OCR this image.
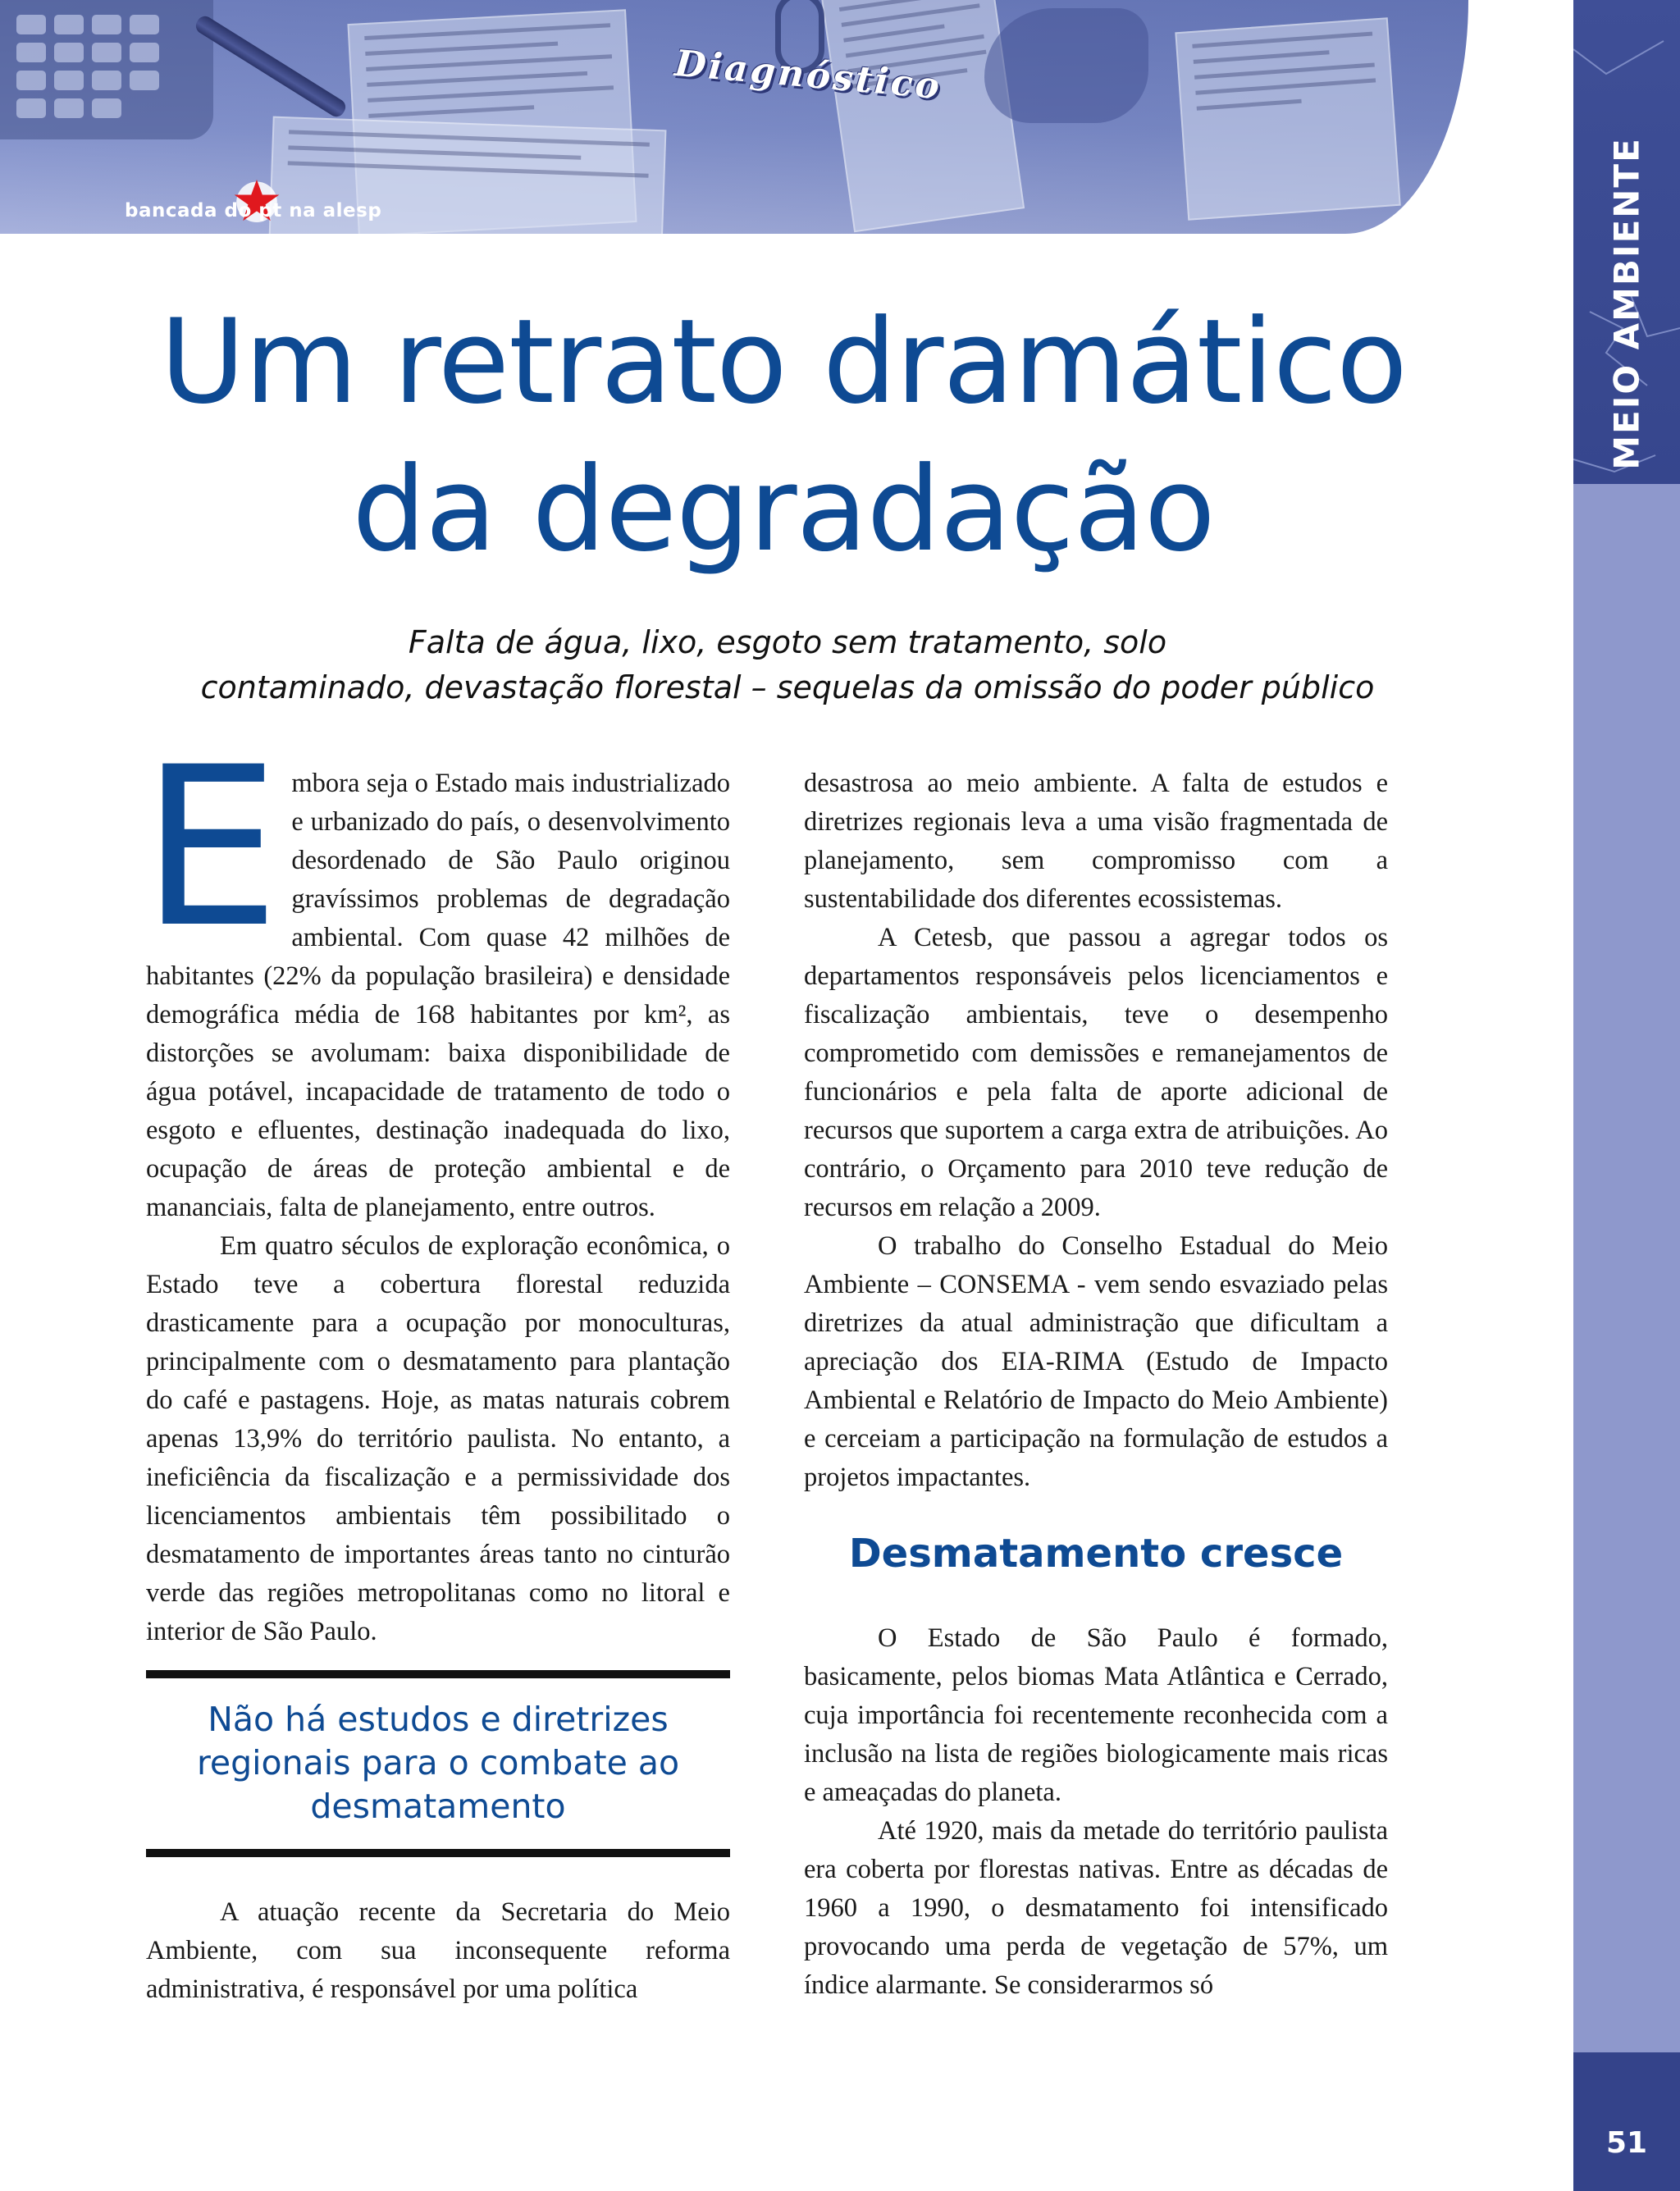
Diagnóstico
bancada do pt na alesp	MEIO AMBIENTE
51
Um retrato dramático
da degradação
Falta de água, lixo, esgoto sem tratamento, solo
contaminado, devastação florestal – sequelas da omissão do poder público

Embora seja o Estado mais industrializado e urbanizado do país, o desenvolvimento desordenado de São Paulo originou gravíssimos problemas de degradação ambiental. Com quase 42 milhões de habitantes (22% da população brasileira) e densidade demográfica média de 168 habitantes por km², as distorções se avolumam: baixa disponibilidade de água potável, incapacidade de tratamento de todo o esgoto e efluentes, destinação inadequada do lixo, ocupação de áreas de proteção ambiental e de mananciais, falta de planejamento, entre outros.

Em quatro séculos de exploração econômica, o Estado teve a cobertura florestal reduzida drasticamente para a ocupação por monoculturas, principalmente com o desmatamento para plantação do café e pastagens. Hoje, as matas naturais cobrem apenas 13,9% do território paulista. No entanto, a ineficiência da fiscalização e a permissividade dos licenciamentos ambientais têm possibilitado o desmatamento de importantes áreas tanto no cinturão verde das regiões metropolitanas como no litoral e interior de São Paulo.

Não há estudos e diretrizes regionais para o combate ao desmatamento

A atuação recente da Secretaria do Meio Ambiente, com sua inconsequente reforma administrativa, é responsável por uma política

desastrosa ao meio ambiente. A falta de estudos e diretrizes regionais leva a uma visão fragmentada de planejamento, sem compromisso com a sustentabilidade dos diferentes ecossistemas.

A Cetesb, que passou a agregar todos os departamentos responsáveis pelos licenciamentos e fiscalização ambientais, teve o desempenho comprometido com demissões e remanejamentos de funcionários e pela falta de aporte adicional de recursos que suportem a carga extra de atribuições. Ao contrário, o Orçamento para 2010 teve redução de recursos em relação a 2009.

O trabalho do Conselho Estadual do Meio Ambiente – CONSEMA - vem sendo esvaziado pelas diretrizes da atual administração que dificultam a apreciação dos EIA-RIMA (Estudo de Impacto Ambiental e Relatório de Impacto do Meio Ambiente) e cerceiam a participação na formulação de estudos a projetos impactantes.

Desmatamento cresce

O Estado de São Paulo é formado, basicamente, pelos biomas Mata Atlântica e Cerrado, cuja importância foi recentemente reconhecida com a inclusão na lista de regiões biologicamente mais ricas e ameaçadas do planeta.

Até 1920, mais da metade do território paulista era coberta por florestas nativas. Entre as décadas de 1960 a 1990, o desmatamento foi intensificado provocando uma perda de vegetação de 57%, um índice alarmante. Se considerarmos só
